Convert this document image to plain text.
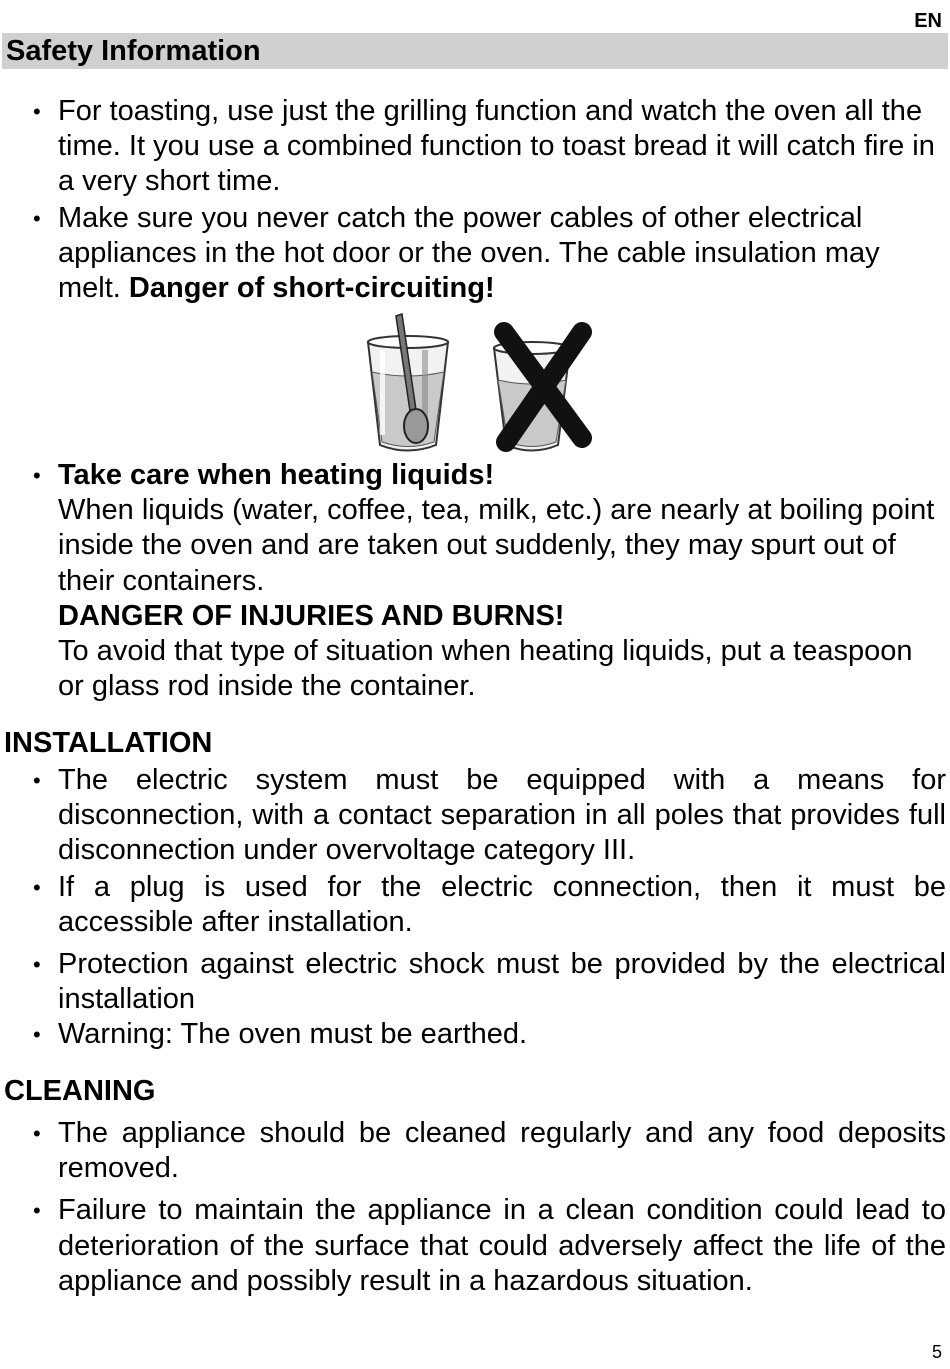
EN
Safety Information
• For toasting, use just the grilling function and watch the oven all the time. It you use a combined function to toast bread it will catch fire in a very short time.
• Make sure you never catch the power cables of other electrical appliances in the hot door or the oven. The cable insulation may melt. Danger of short-circuiting!
• Take care when heating liquids!
When liquids (water, coffee, tea, milk, etc.) are nearly at boiling point inside the oven and are taken out suddenly, they may spurt out of their containers.
DANGER OF INJURIES AND BURNS!
To avoid that type of situation when heating liquids, put a teaspoon or glass rod inside the container.
INSTALLATION
• The electric system must be equipped with a means for disconnection, with a contact separation in all poles that provides full disconnection under overvoltage category III.
• If a plug is used for the electric connection, then it must be accessible after installation.
• Protection against electric shock must be provided by the electrical installation
• Warning: The oven must be earthed.
CLEANING
• The appliance should be cleaned regularly and any food deposits removed.
• Failure to maintain the appliance in a clean condition could lead to deterioration of the surface that could adversely affect the life of the appliance and possibly result in a hazardous situation.
5
